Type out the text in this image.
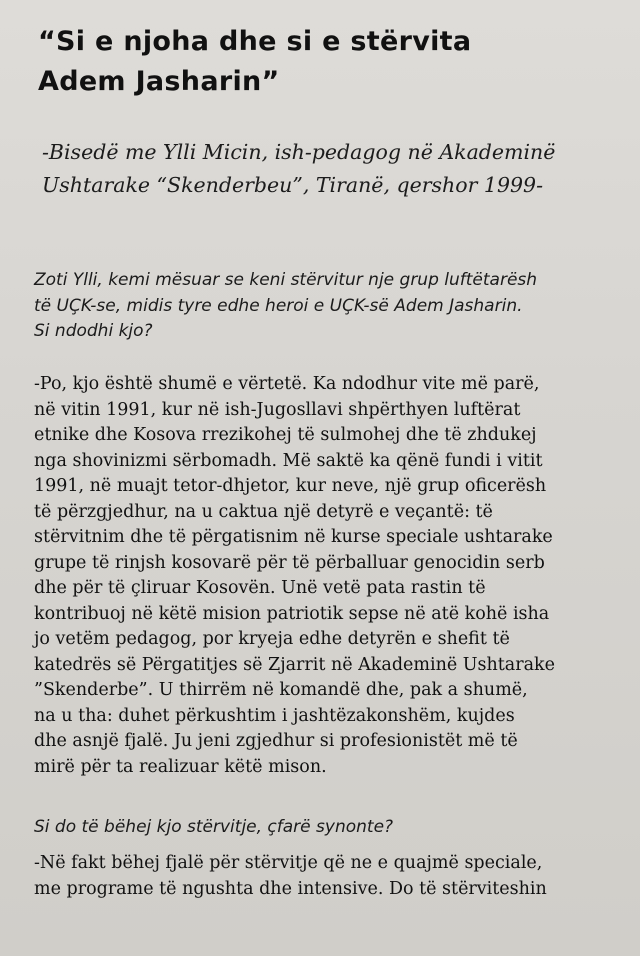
“Si e njoha dhe si e stërvita
Adem Jasharin”
-Bisedë me Ylli Micin, ish-pedagog në Akademinë
Ushtarake “Skenderbeu”, Tiranë, qershor 1999-
Zoti Ylli, kemi mësuar se keni stërvitur nje grup luftëtarësh
të UÇK-se, midis tyre edhe heroi e UÇK-së Adem Jasharin.
Si ndodhi kjo?
-Po, kjo është shumë e vërtetë. Ka ndodhur vite më parë,
në vitin 1991, kur në ish-Jugosllavi shpërthyen luftërat
etnike dhe Kosova rrezikohej të sulmohej dhe të zhdukej
nga shovinizmi sërbomadh. Më saktë ka qënë fundi i vitit
1991, në muajt tetor-dhjetor, kur neve, një grup oficerësh
të përzgjedhur, na u caktua një detyrë e veçantë: të
stërvitnim dhe të përgatisnim në kurse speciale ushtarake
grupe të rinjsh kosovarë për të përballuar genocidin serb
dhe për të çliruar Kosovën. Unë vetë pata rastin të
kontribuoj në këtë mision patriotik sepse në atë kohë isha
jo vetëm pedagog, por kryeja edhe detyrën e shefit të
katedrës së Përgatitjes së Zjarrit në Akademinë Ushtarake
”Skenderbe”. U thirrëm në komandë dhe, pak a shumë,
na u tha: duhet përkushtim i jashtëzakonshëm, kujdes
dhe asnjë fjalë. Ju jeni zgjedhur si profesionistët më të
mirë për ta realizuar këtë mison.
Si do të bëhej kjo stërvitje, çfarë synonte?
-Në fakt bëhej fjalë për stërvitje që ne e quajmë speciale,
me programe të ngushta dhe intensive. Do të stërviteshin
